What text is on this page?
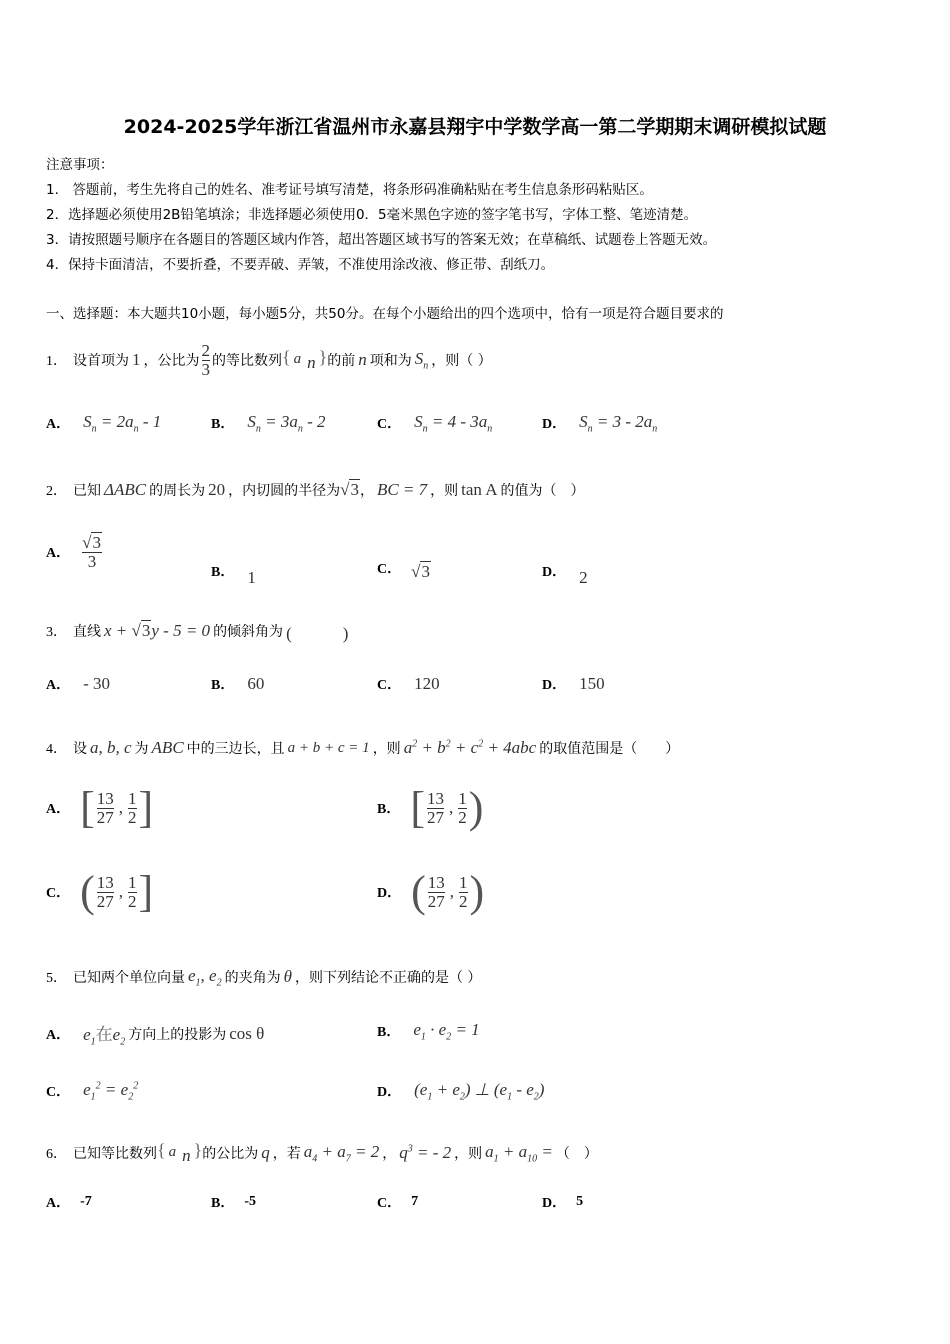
2024-2025学年浙江省温州市永嘉县翔宇中学数学高一第二学期期末调研模拟试题
注意事项：
1.　答题前，考生先将自己的姓名、准考证号填写清楚，将条形码准确粘贴在考生信息条形码粘贴区。
2．选择题必须使用2B铅笔填涂；非选择题必须使用0．5毫米黑色字迹的签字笔书写，字体工整、笔迹清楚。
3．请按照题号顺序在各题目的答题区域内作答，超出答题区域书写的答案无效；在草稿纸、试题卷上答题无效。
4．保持卡面清洁，不要折叠，不要弄破、弄皱，不准使用涂改液、修正带、刮纸刀。
一、选择题：本大题共10小题，每小题5分，共50分。在每个小题给出的四个选项中，恰有一项是符合题目要求的
1． 设首项为 1 ，公比为 $\frac{2}{3}$ 的等比数列 { a $_n$ } 的前 n 项和为 $S_n$ ，则（ ）
A． $S_n = 2a_n - 1$	B． $S_n = 3a_n - 2$	C． $S_n = 4 - 3a_n$	D． $S_n = 3 - 2a_n$
2． 已知 ΔABC 的周长为 20 ，内切圆的半径为 √3 ， BC = 7 ，则 tan A 的值为（　）
A． $\frac{√3}{3}$
B． 1	C． √3	D． 2
3． 直线 x + √3y - 5 = 0 的倾斜角为 (　　　)
A． - 30	B． 60	C． 120	D． 150
4． 设 a, b, c 为 ABC 中的三边长，且 a + b + c = 1 ，则 $a^2 + b^2 + c^2 + 4abc$ 的取值范围是（　　）
A． [ $\frac{13}{27}$ , $\frac{1}{2}$ ]	B． [ $\frac{13}{27}$ , $\frac{1}{2}$ )
C． ( $\frac{13}{27}$ , $\frac{1}{2}$ ]	D． ( $\frac{13}{27}$ , $\frac{1}{2}$ )
5． 已知两个单位向量 $e_1$, $e_2$ 的夹角为 θ ，则下列结论不正确的是（ ）
A． $e_1$在$e_2$ 方向上的投影为 cos θ	B． $e_1 \cdot e_2 = 1$
C． $e_1^2 = e_2^2$	D． $(e_1 + e_2)$ ⊥ $(e_1 - e_2)$
6． 已知等比数列 { a $_n$ } 的公比为 q ，若 $a_4 + a_7 = 2$ ， $q^3$ = - 2 ，则 $a_1 + a_{10}$ = （　）
A． -7	B． -5	C． 7	D． 5
